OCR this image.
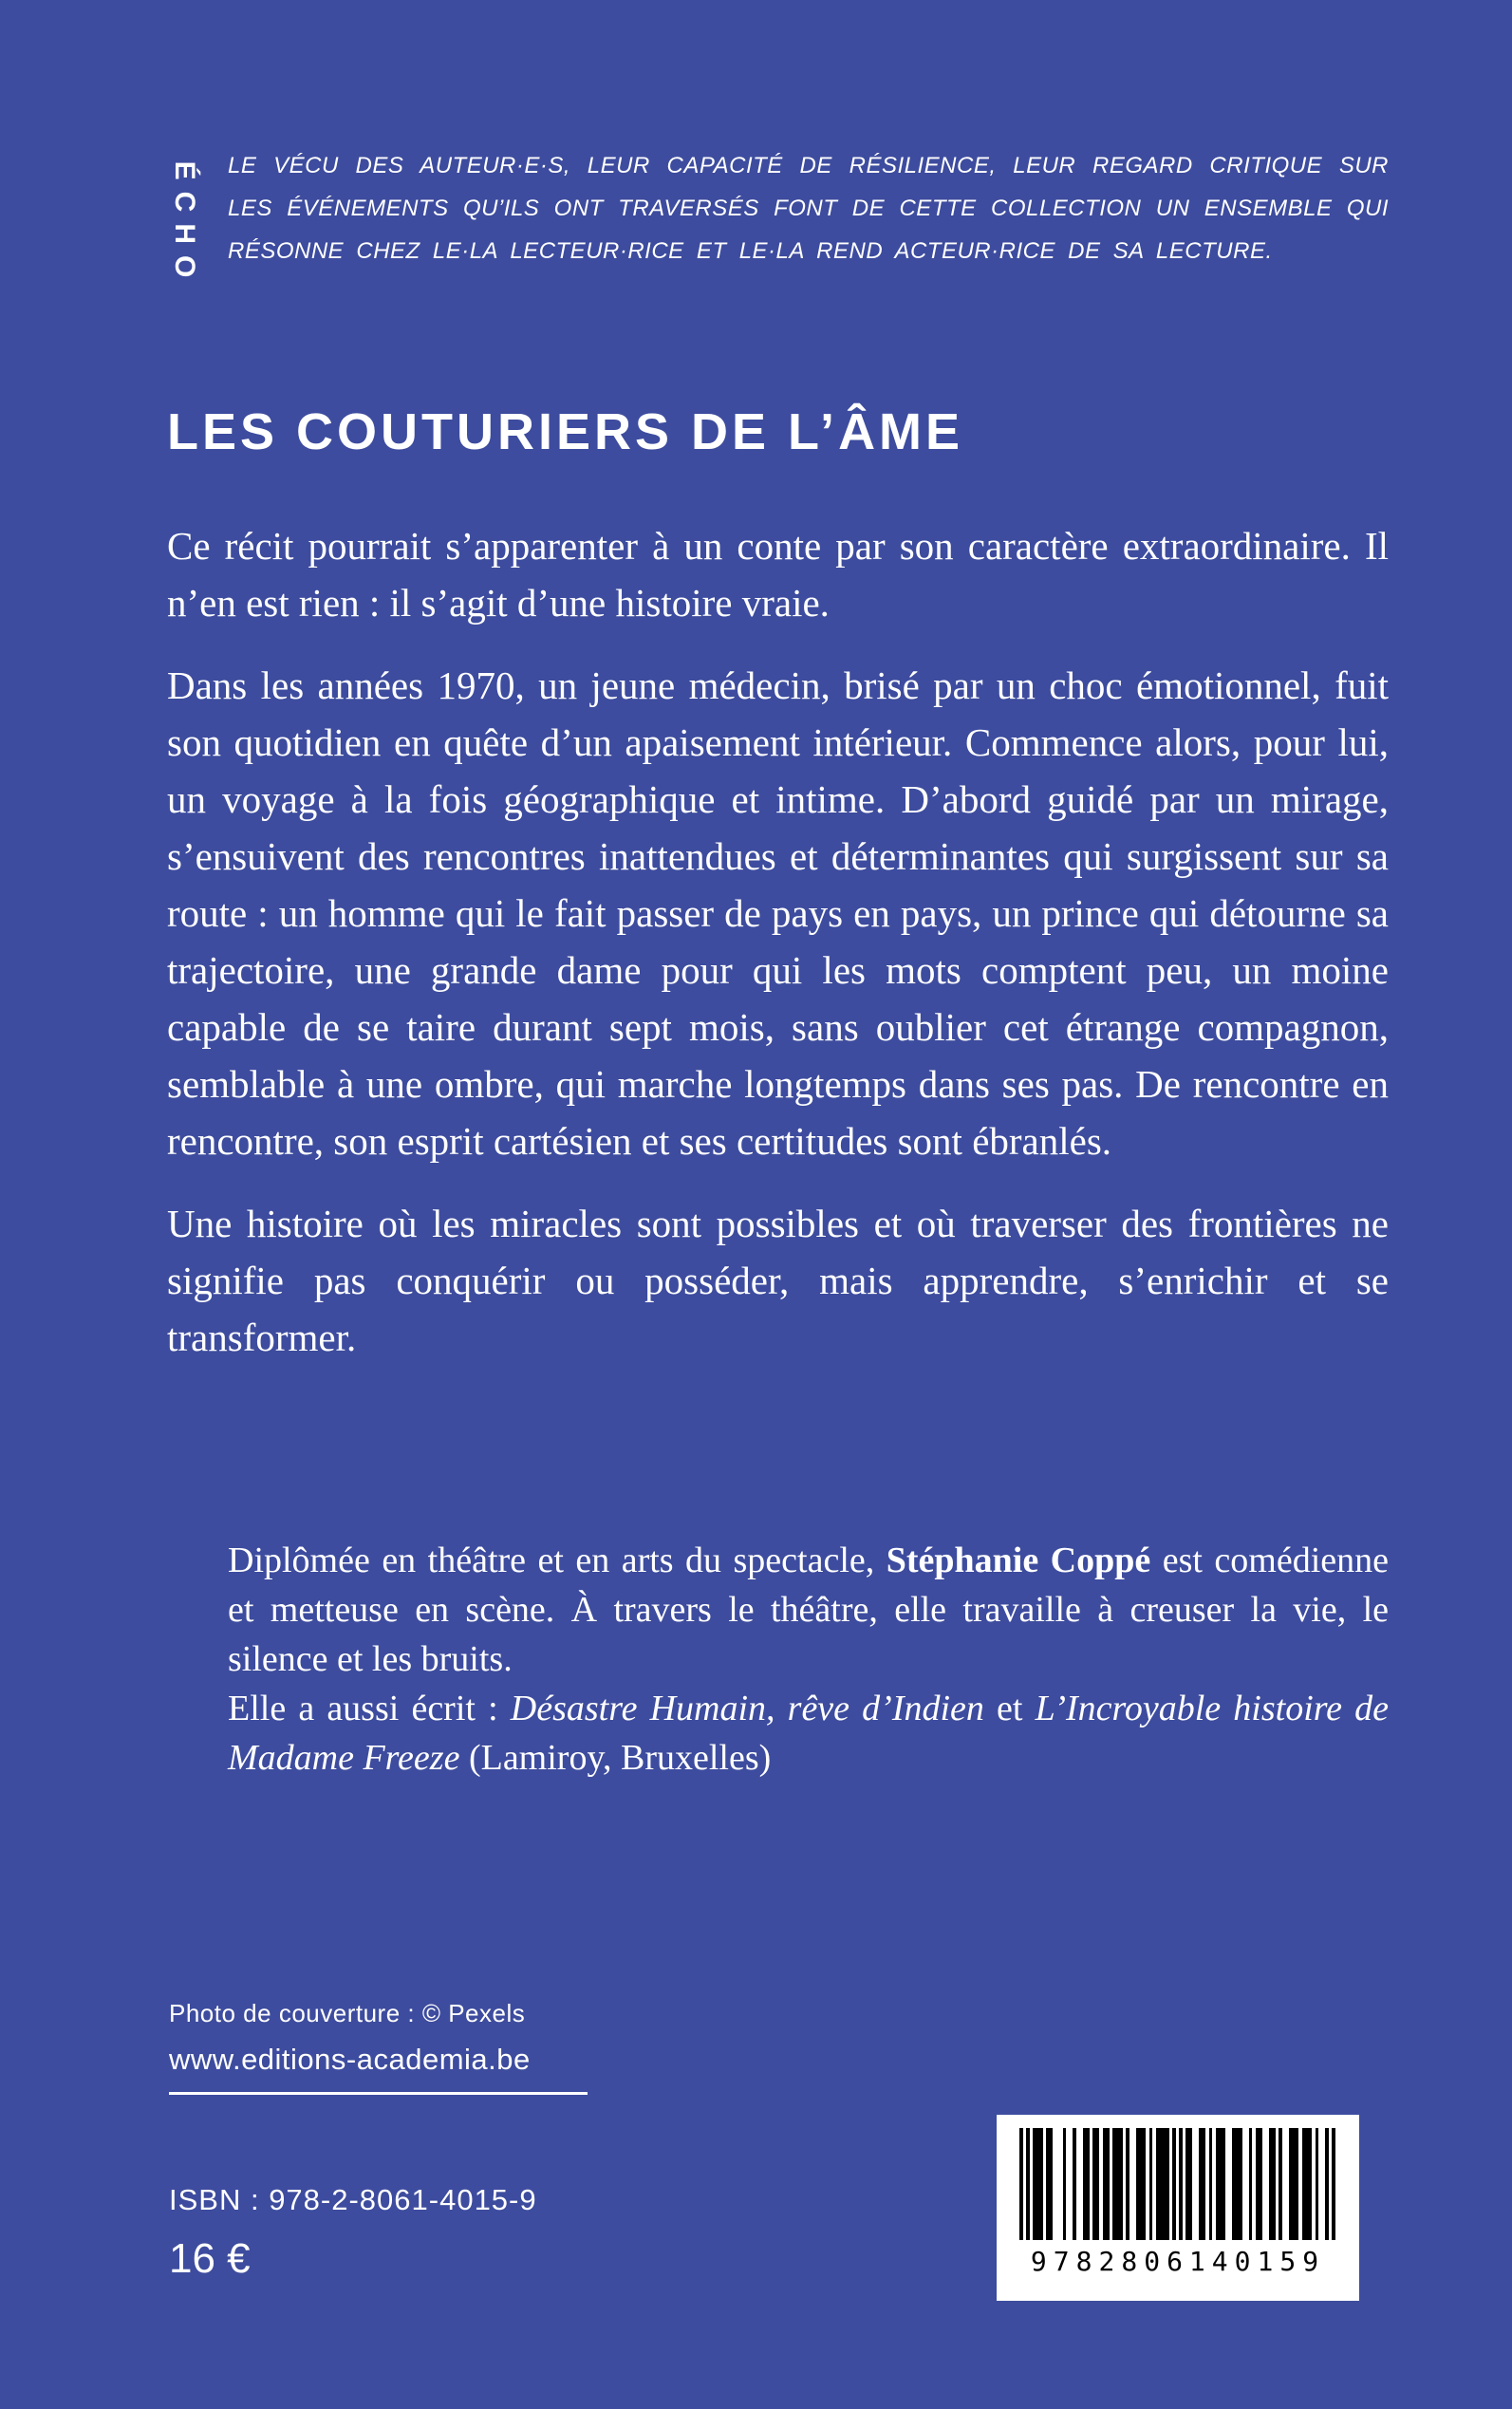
ÉCHO LE VÉCU DES AUTEUR·E·S, LEUR CAPACITÉ DE RÉSILIENCE, LEUR REGARD CRITIQUE SUR LES ÉVÉNEMENTS QU’ILS ONT TRAVERSÉS FONT DE CETTE COLLECTION UN ENSEMBLE QUI RÉSONNE CHEZ LE·LA LECTEUR·RICE ET LE·LA REND ACTEUR·RICE DE SA LECTURE.
LES COUTURIERS DE L’ÂME

Ce récit pourrait s’apparenter à un conte par son caractère extraordinaire. Il n’en est rien : il s’agit d’une histoire vraie.

Dans les années 1970, un jeune médecin, brisé par un choc émotionnel, fuit son quotidien en quête d’un apaisement intérieur. Commence alors, pour lui, un voyage à la fois géographique et intime. D’abord guidé par un mirage, s’ensuivent des rencontres inattendues et déterminantes qui surgissent sur sa route : un homme qui le fait passer de pays en pays, un prince qui détourne sa trajectoire, une grande dame pour qui les mots comptent peu, un moine capable de se taire durant sept mois, sans oublier cet étrange compagnon, semblable à une ombre, qui marche longtemps dans ses pas. De rencontre en rencontre, son esprit cartésien et ses certitudes sont ébranlés.

Une histoire où les miracles sont possibles et où traverser des frontières ne signifie pas conquérir ou posséder, mais apprendre, s’enrichir et se transformer.

Diplômée en théâtre et en arts du spectacle, Stéphanie Coppé est comédienne et metteuse en scène. À travers le théâtre, elle travaille à creuser la vie, le silence et les bruits.

Elle a aussi écrit : Désastre Humain, rêve d’Indien et L’Incroyable histoire de Madame Freeze (Lamiroy, Bruxelles)

Photo de couverture : © Pexels
www.editions-academia.be
ISBN : 978-2-8061-4015-9
16 €	9782806140159
